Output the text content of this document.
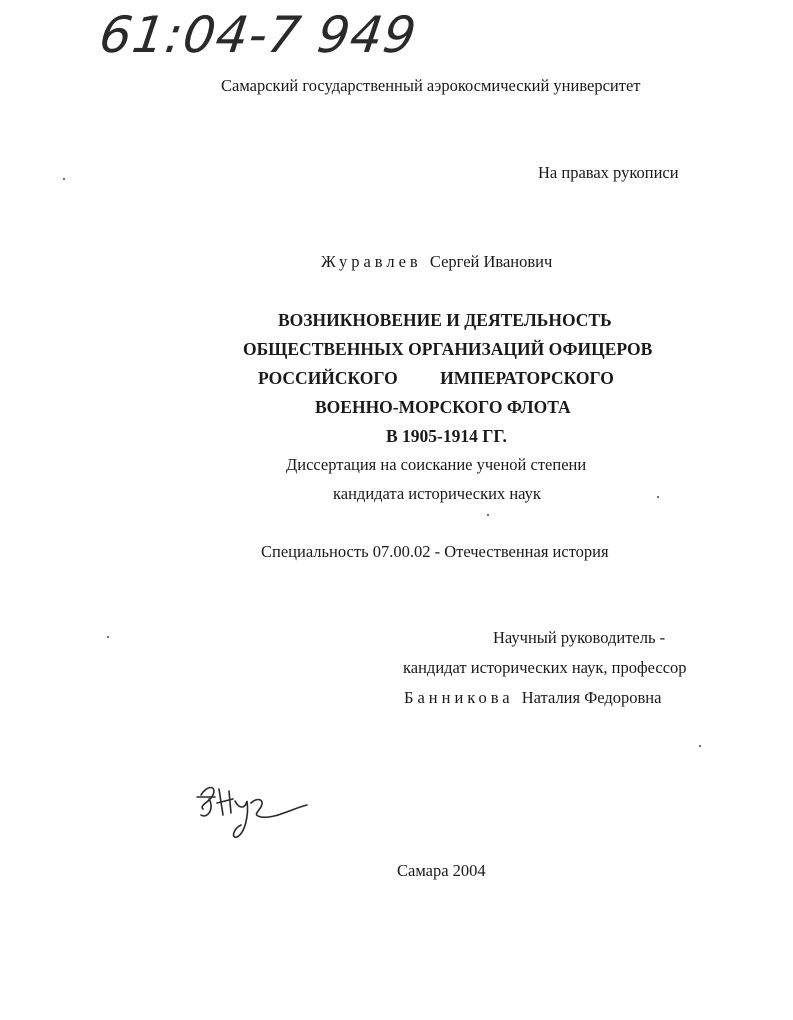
61:04-7 949
Самарский государственный аэрокосмический университет
На правах рукописи
Журавлев Сергей Иванович
ВОЗНИКНОВЕНИЕ И ДЕЯТЕЛЬНОСТЬ
ОБЩЕСТВЕННЫХ ОРГАНИЗАЦИЙ ОФИЦЕРОВ
РОССИЙСКОГО ИМПЕРАТОРСКОГО
ВОЕННО-МОРСКОГО ФЛОТА
В 1905-1914 ГГ.
Диссертация на соискание ученой степени
кандидата исторических наук
Специальность 07.00.02 - Отечественная история
Научный руководитель -
кандидат исторических наук, профессор
Банникова Наталия Федоровна
Самара 2004
